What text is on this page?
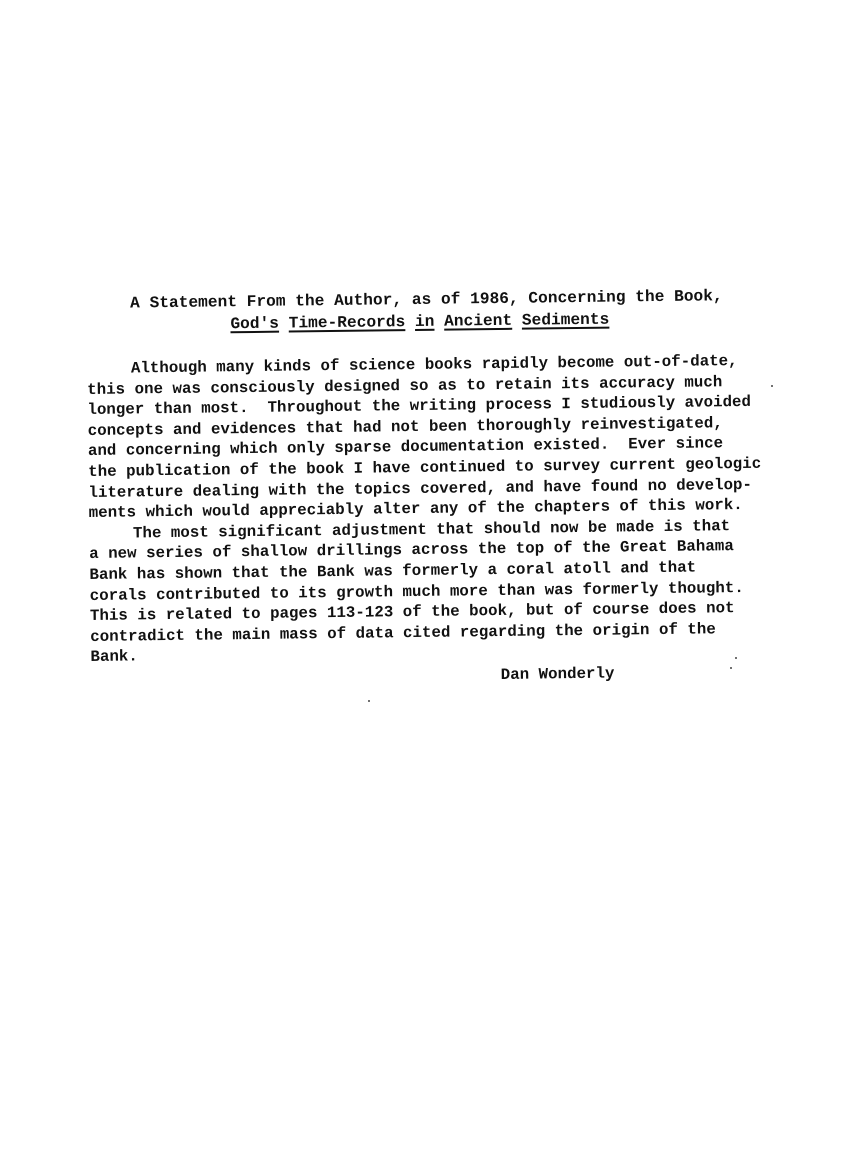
A Statement From the Author, as of 1986, Concerning the Book,
God's Time-Records in Ancient Sediments
Although many kinds of science books rapidly become out-of-date,
this one was consciously designed so as to retain its accuracy much
longer than most.  Throughout the writing process I studiously avoided
concepts and evidences that had not been thoroughly reinvestigated,
and concerning which only sparse documentation existed.  Ever since
the publication of the book I have continued to survey current geologic
literature dealing with the topics covered, and have found no develop-
ments which would appreciably alter any of the chapters of this work.
The most significant adjustment that should now be made is that
a new series of shallow drillings across the top of the Great Bahama
Bank has shown that the Bank was formerly a coral atoll and that
corals contributed to its growth much more than was formerly thought.
This is related to pages 113-123 of the book, but of course does not
contradict the main mass of data cited regarding the origin of the
Bank.
Dan Wonderly
